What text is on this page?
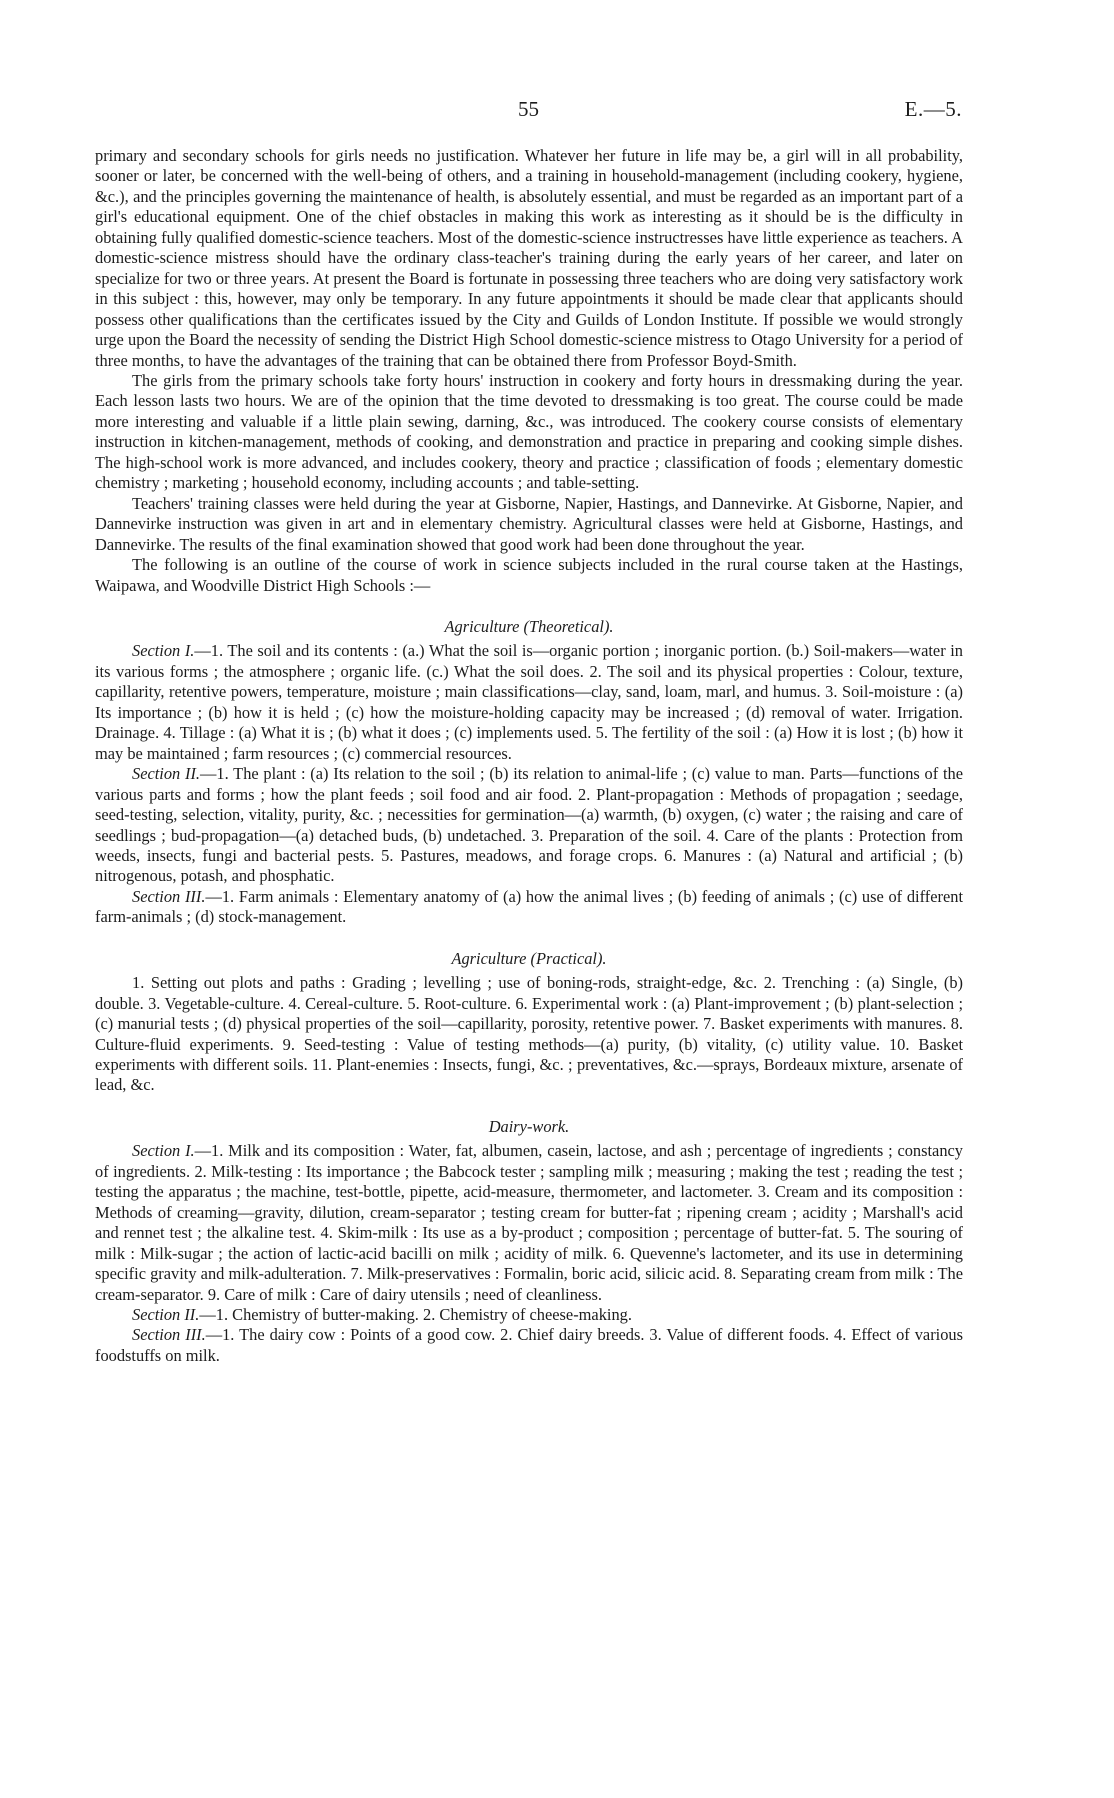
55	E.—5.

primary and secondary schools for girls needs no justification. Whatever her future in life may be, a girl will in all probability, sooner or later, be concerned with the well-being of others, and a training in household-management (including cookery, hygiene, &c.), and the principles governing the maintenance of health, is absolutely essential, and must be regarded as an important part of a girl's educational equipment. One of the chief obstacles in making this work as interesting as it should be is the difficulty in obtaining fully qualified domestic-science teachers. Most of the domestic-science instructresses have little experience as teachers. A domestic-science mistress should have the ordinary class-teacher's training during the early years of her career, and later on specialize for two or three years. At present the Board is fortunate in possessing three teachers who are doing very satisfactory work in this subject : this, however, may only be temporary. In any future appointments it should be made clear that applicants should possess other qualifications than the certificates issued by the City and Guilds of London Institute. If possible we would strongly urge upon the Board the necessity of sending the District High School domestic-science mistress to Otago University for a period of three months, to have the advantages of the training that can be obtained there from Professor Boyd-Smith.

The girls from the primary schools take forty hours' instruction in cookery and forty hours in dressmaking during the year. Each lesson lasts two hours. We are of the opinion that the time devoted to dressmaking is too great. The course could be made more interesting and valuable if a little plain sewing, darning, &c., was introduced. The cookery course consists of elementary instruction in kitchen-management, methods of cooking, and demonstration and practice in preparing and cooking simple dishes. The high-school work is more advanced, and includes cookery, theory and practice ; classification of foods ; elementary domestic chemistry ; marketing ; household economy, including accounts ; and table-setting.

Teachers' training classes were held during the year at Gisborne, Napier, Hastings, and Dannevirke. At Gisborne, Napier, and Dannevirke instruction was given in art and in elementary chemistry. Agricultural classes were held at Gisborne, Hastings, and Dannevirke. The results of the final examination showed that good work had been done throughout the year.

The following is an outline of the course of work in science subjects included in the rural course taken at the Hastings, Waipawa, and Woodville District High Schools :—

Agriculture (Theoretical).

Section I.—1. The soil and its contents : (a.) What the soil is—organic portion ; inorganic portion. (b.) Soil-makers—water in its various forms ; the atmosphere ; organic life. (c.) What the soil does. 2. The soil and its physical properties : Colour, texture, capillarity, retentive powers, temperature, moisture ; main classifications—clay, sand, loam, marl, and humus. 3. Soil-moisture : (a) Its importance ; (b) how it is held ; (c) how the moisture-holding capacity may be increased ; (d) removal of water. Irrigation. Drainage. 4. Tillage : (a) What it is ; (b) what it does ; (c) implements used. 5. The fertility of the soil : (a) How it is lost ; (b) how it may be maintained ; farm resources ; (c) commercial resources.

Section II.—1. The plant : (a) Its relation to the soil ; (b) its relation to animal-life ; (c) value to man. Parts—functions of the various parts and forms ; how the plant feeds ; soil food and air food. 2. Plant-propagation : Methods of propagation ; seedage, seed-testing, selection, vitality, purity, &c. ; necessities for germination—(a) warmth, (b) oxygen, (c) water ; the raising and care of seedlings ; bud-propagation—(a) detached buds, (b) undetached. 3. Preparation of the soil. 4. Care of the plants : Protection from weeds, insects, fungi and bacterial pests. 5. Pastures, meadows, and forage crops. 6. Manures : (a) Natural and artificial ; (b) nitrogenous, potash, and phosphatic.

Section III.—1. Farm animals : Elementary anatomy of (a) how the animal lives ; (b) feeding of animals ; (c) use of different farm-animals ; (d) stock-management.

Agriculture (Practical).

1. Setting out plots and paths : Grading ; levelling ; use of boning-rods, straight-edge, &c. 2. Trenching : (a) Single, (b) double. 3. Vegetable-culture. 4. Cereal-culture. 5. Root-culture. 6. Experimental work : (a) Plant-improvement ; (b) plant-selection ; (c) manurial tests ; (d) physical properties of the soil—capillarity, porosity, retentive power. 7. Basket experiments with manures. 8. Culture-fluid experiments. 9. Seed-testing : Value of testing methods—(a) purity, (b) vitality, (c) utility value. 10. Basket experiments with different soils. 11. Plant-enemies : Insects, fungi, &c. ; preventatives, &c.—sprays, Bordeaux mixture, arsenate of lead, &c.

Dairy-work.

Section I.—1. Milk and its composition : Water, fat, albumen, casein, lactose, and ash ; percentage of ingredients ; constancy of ingredients. 2. Milk-testing : Its importance ; the Babcock tester ; sampling milk ; measuring ; making the test ; reading the test ; testing the apparatus ; the machine, test-bottle, pipette, acid-measure, thermometer, and lactometer. 3. Cream and its composition : Methods of creaming—gravity, dilution, cream-separator ; testing cream for butter-fat ; ripening cream ; acidity ; Marshall's acid and rennet test ; the alkaline test. 4. Skim-milk : Its use as a by-product ; composition ; percentage of butter-fat. 5. The souring of milk : Milk-sugar ; the action of lactic-acid bacilli on milk ; acidity of milk. 6. Quevenne's lactometer, and its use in determining specific gravity and milk-adulteration. 7. Milk-preservatives : Formalin, boric acid, silicic acid. 8. Separating cream from milk : The cream-separator. 9. Care of milk : Care of dairy utensils ; need of cleanliness.

Section II.—1. Chemistry of butter-making. 2. Chemistry of cheese-making.

Section III.—1. The dairy cow : Points of a good cow. 2. Chief dairy breeds. 3. Value of different foods. 4. Effect of various foodstuffs on milk.
